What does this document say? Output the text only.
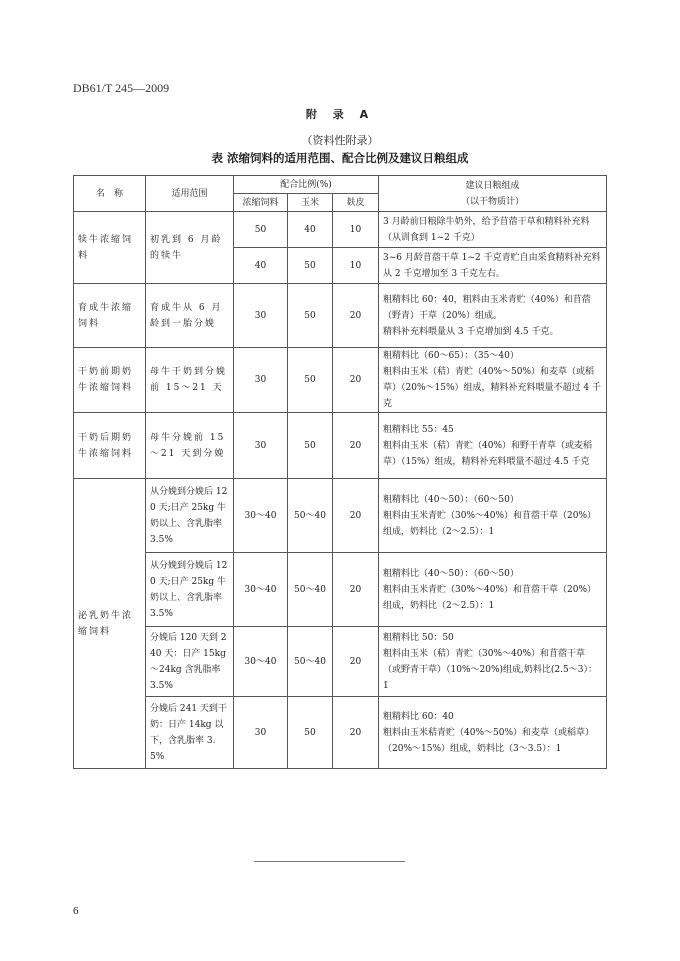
DB61/T 245—2009
附 录 A
（资料性附录）
表 浓缩饲料的适用范围、配合比例及建议日粮组成
名　称	适用范围	配合比例(%)			建议日粮组成
（以干物质计）

		浓缩饲料	玉米	麸皮	
犊牛浓缩饲料	初乳到 6 月龄的犊牛	50	40	10	3 月龄前日粮除牛奶外，给予苜蓿干草和精料补充料（从训食到 1~2 千克）
		40	50	10	3~6 月龄苜蓿干草 1~2 千克青贮自由采食精料补充料从 2 千克增加至 3 千克左右。
育成牛浓缩饲料	育成牛从 6 月龄到一胎分娩	30	50	20	粗精料比 60：40，粗料由玉米青贮（40%）和苜蓿（野青）干草（20%）组成。
精料补充料喂量从 3 千克增加到 4.5 千克。

干奶前期奶牛浓缩饲料	母牛干奶到分娩前 15～21 天	30	50	20	粗精料比（60～65）：（35～40）
粗料由玉米（秸）青贮（40%～50%）和麦草（或稻草）（20%～15%）组成，精料补充料喂量不超过 4 千克

干奶后期奶牛浓缩饲料	母牛分娩前 15～21 天到分娩	30	50	20	粗精料比 55：45
粗料由玉米（秸）青贮（40%）和野干青草（或麦稻草）（15%）组成，精料补充料喂量不超过 4.5 千克

泌乳奶牛浓缩饲料	从分娩到分娩后 120 天;日产 25kg 牛奶以上、含乳脂率 3.5%	30～40	50～40	20	粗精料比（40～50）：（60～50）
粗料由玉米青贮（30%～40%）和苜蓿干草（20%）组成，奶料比（2～2.5）：1

	从分娩到分娩后 120 天;日产 25kg 牛奶以上、含乳脂率 3.5%	30～40	50～40	20	粗精料比（40～50）：（60～50）
粗料由玉米青贮（30%～40%）和苜蓿干草（20%）组成，奶料比（2～2.5）：1

	分娩后 120 天到 240 天：日产 15kg～24kg 含乳脂率 3.5%	30～40	50～40	20	粗精料比 50：50
粗料由玉米（秸）青贮（30%～40%）和苜蓿干草（或野青干草）（10%～20%)组成,奶料比(2.5～3）：1

	分娩后 241 天到干奶：日产 14kg 以下，含乳脂率 3.5%	30	50	20	粗精料比 60：40
粗料由玉米秸青贮（40%～50%）和麦草（或稻草）（20%～15%）组成，奶料比（3～3.5）：1
6
